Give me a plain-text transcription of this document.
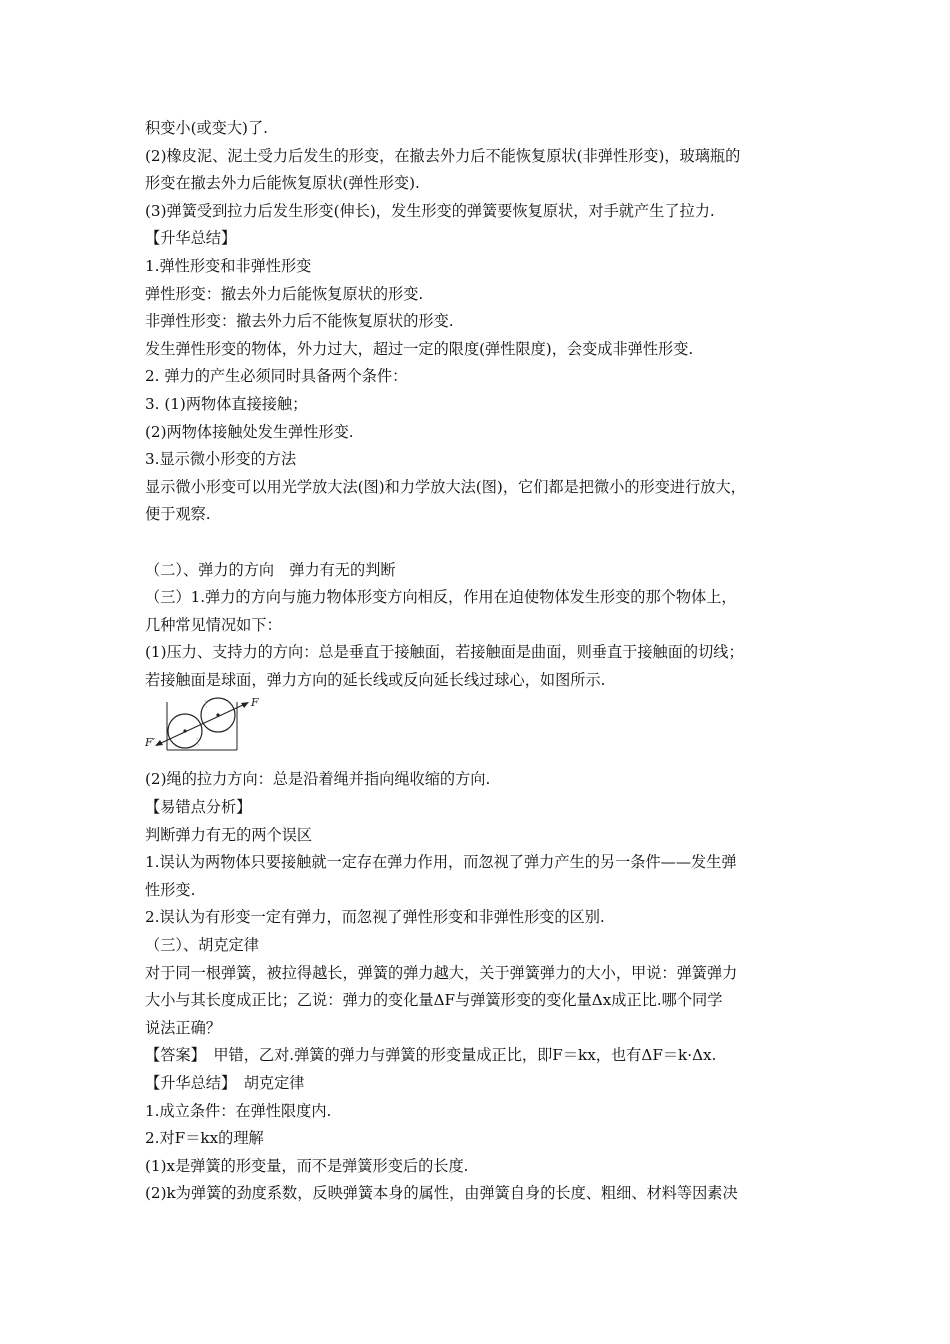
积变小(或变大)了.
(2)橡皮泥、泥土受力后发生的形变，在撤去外力后不能恢复原状(非弹性形变)，玻璃瓶的
形变在撤去外力后能恢复原状(弹性形变).
(3)弹簧受到拉力后发生形变(伸长)，发生形变的弹簧要恢复原状，对手就产生了拉力.
【升华总结】
1.弹性形变和非弹性形变
弹性形变：撤去外力后能恢复原状的形变.
非弹性形变：撤去外力后不能恢复原状的形变.
发生弹性形变的物体，外力过大，超过一定的限度(弹性限度)，会变成非弹性形变.
2. 弹力的产生必须同时具备两个条件：
3. (1)两物体直接接触；
(2)两物体接触处发生弹性形变.
3.显示微小形变的方法
显示微小形变可以用光学放大法(图)和力学放大法(图)，它们都是把微小的形变进行放大，
便于观察.
（二）、弹力的方向　弹力有无的判断
（三）1.弹力的方向与施力物体形变方向相反，作用在迫使物体发生形变的那个物体上，
几种常见情况如下：
(1)压力、支持力的方向：总是垂直于接触面，若接触面是曲面，则垂直于接触面的切线；
若接触面是球面，弹力方向的延长线或反向延长线过球心，如图所示.
F
F′
(2)绳的拉力方向：总是沿着绳并指向绳收缩的方向.
【易错点分析】
判断弹力有无的两个误区
1.误认为两物体只要接触就一定存在弹力作用，而忽视了弹力产生的另一条件——发生弹
性形变.
2.误认为有形变一定有弹力，而忽视了弹性形变和非弹性形变的区别.
（三）、胡克定律
对于同一根弹簧，被拉得越长，弹簧的弹力越大，关于弹簧弹力的大小，甲说：弹簧弹力
大小与其长度成正比；乙说：弹力的变化量ΔF与弹簧形变的变化量Δx成正比.哪个同学
说法正确？
【答案】　甲错，乙对.弹簧的弹力与弹簧的形变量成正比，即F＝kx，也有ΔF＝k·Δx.
【升华总结】　胡克定律
1.成立条件：在弹性限度内.
2.对F＝kx的理解
(1)x是弹簧的形变量，而不是弹簧形变后的长度.
(2)k为弹簧的劲度系数，反映弹簧本身的属性，由弹簧自身的长度、粗细、材料等因素决
